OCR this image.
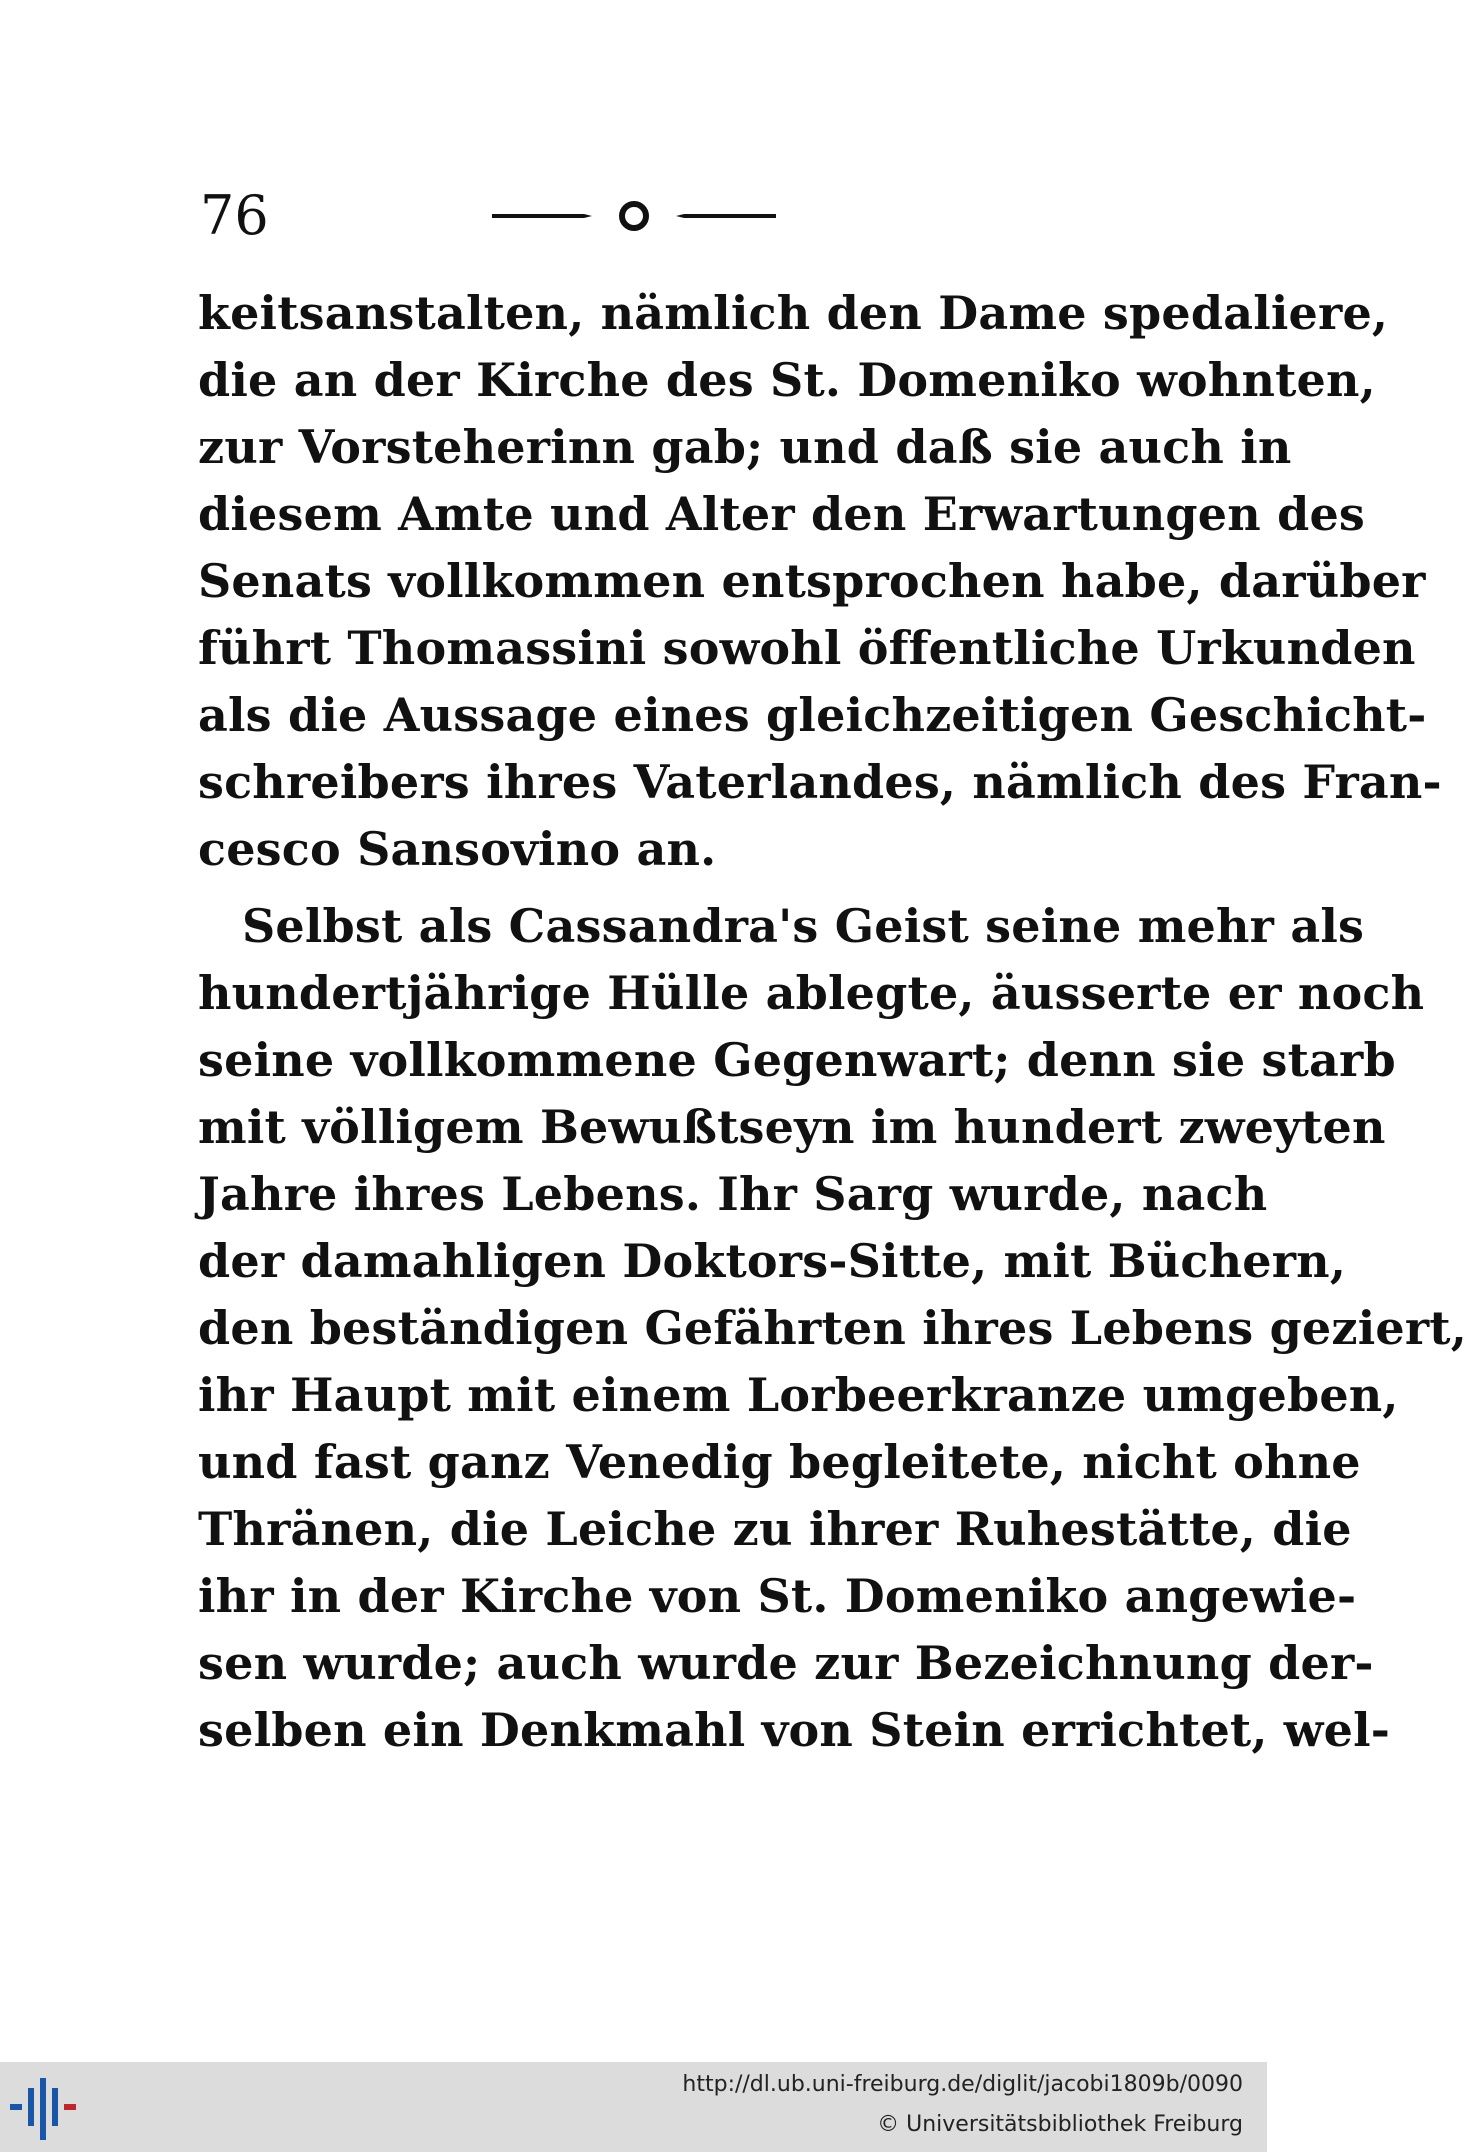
76
keitsanstalten, nämlich den Dame spedaliere,
die an der Kirche des St. Domeniko wohnten,
zur Vorsteherinn gab; und daß sie auch in
diesem Amte und Alter den Erwartungen des
Senats vollkommen entsprochen habe, darüber
führt Thomassini sowohl öffentliche Urkunden
als die Aussage eines gleichzeitigen Geschicht-
schreibers ihres Vaterlandes, nämlich des Fran-
cesco Sansovino an.
Selbst als Cassandra's Geist seine mehr als
hundertjährige Hülle ablegte, äusserte er noch
seine vollkommene Gegenwart; denn sie starb
mit völligem Bewußtseyn im hundert zweyten
Jahre ihres Lebens. Ihr Sarg wurde, nach
der damahligen Doktors-Sitte, mit Büchern,
den beständigen Gefährten ihres Lebens geziert,
ihr Haupt mit einem Lorbeerkranze umgeben,
und fast ganz Venedig begleitete, nicht ohne
Thränen, die Leiche zu ihrer Ruhestätte, die
ihr in der Kirche von St. Domeniko angewie-
sen wurde; auch wurde zur Bezeichnung der-
selben ein Denkmahl von Stein errichtet, wel-
http://dl.ub.uni-freiburg.de/diglit/jacobi1809b/0090
© Universitätsbibliothek Freiburg
